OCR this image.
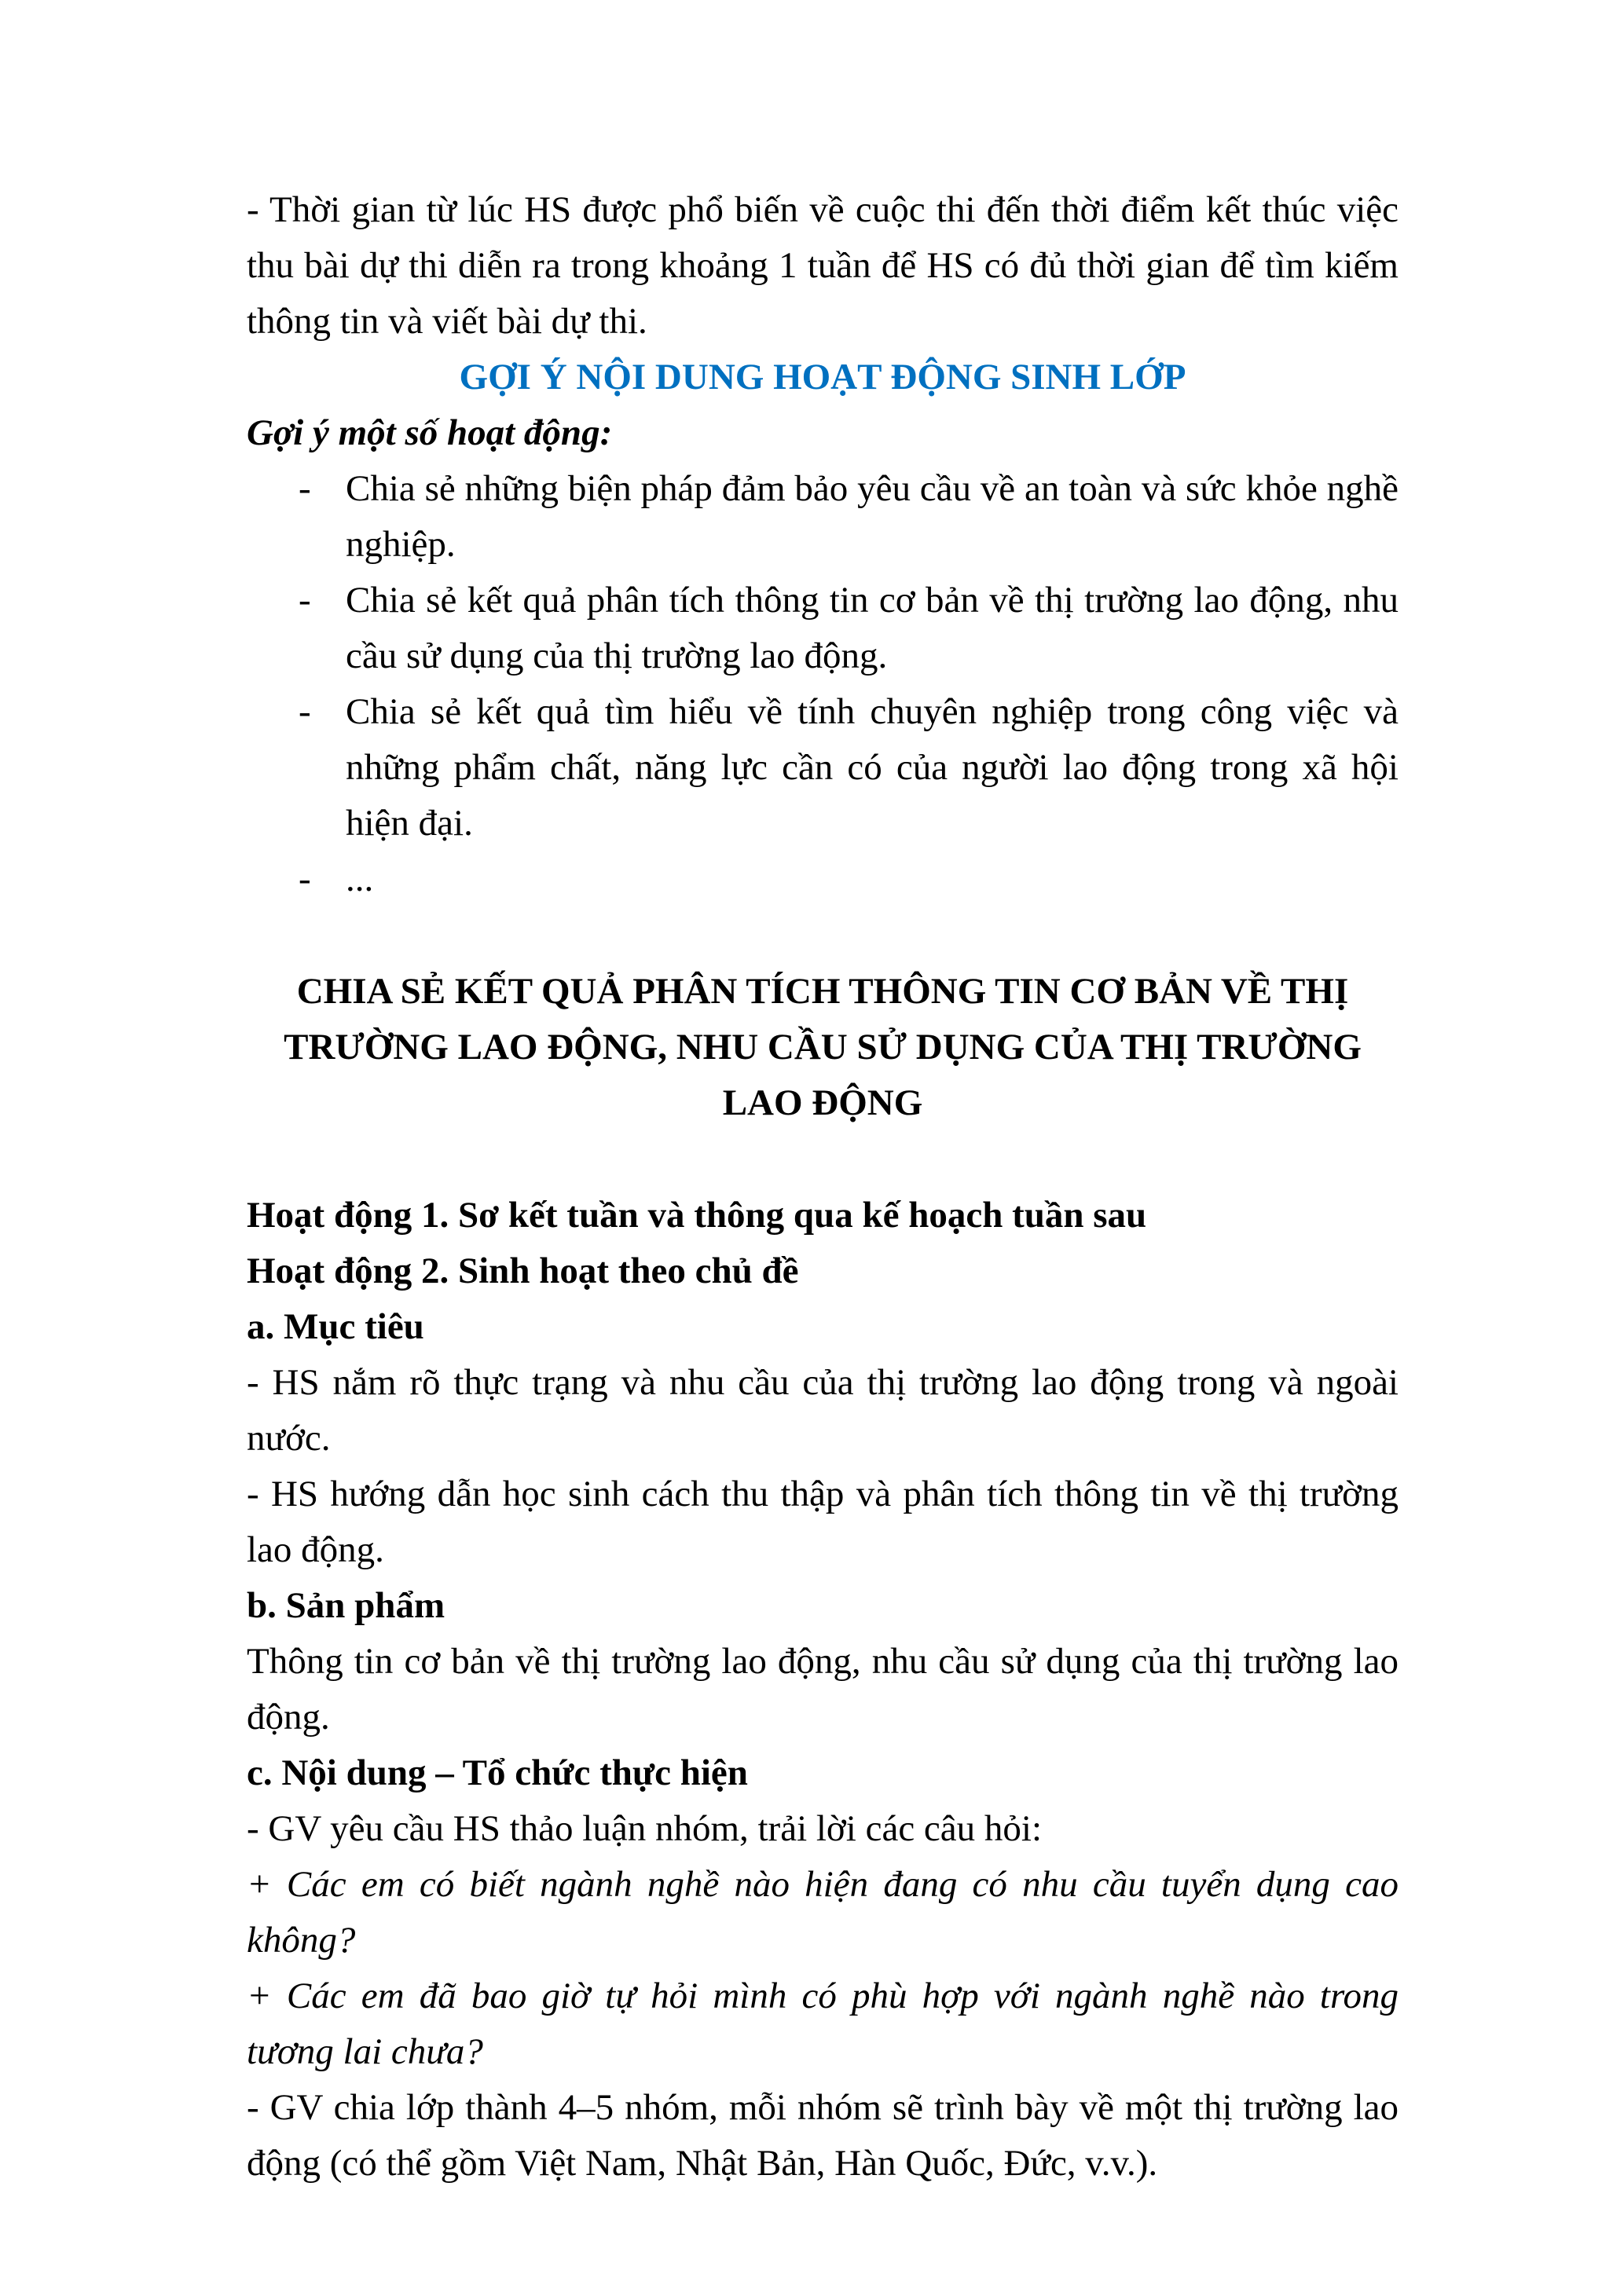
- Thời gian từ lúc HS được phổ biến về cuộc thi đến thời điểm kết thúc việc thu bài dự thi diễn ra trong khoảng 1 tuần để HS có đủ thời gian để tìm kiếm thông tin và viết bài dự thi.

GỢI Ý NỘI DUNG HOẠT ĐỘNG SINH LỚP

Gợi ý một số hoạt động:

- Chia sẻ những biện pháp đảm bảo yêu cầu về an toàn và sức khỏe nghề nghiệp.
- Chia sẻ kết quả phân tích thông tin cơ bản về thị trường lao động, nhu cầu sử dụng của thị trường lao động.
- Chia sẻ kết quả tìm hiểu về tính chuyên nghiệp trong công việc và những phẩm chất, năng lực cần có của người lao động trong xã hội hiện đại.
- ...

CHIA SẺ KẾT QUẢ PHÂN TÍCH THÔNG TIN CƠ BẢN VỀ THỊ TRƯỜNG LAO ĐỘNG, NHU CẦU SỬ DỤNG CỦA THỊ TRƯỜNG LAO ĐỘNG

Hoạt động 1. Sơ kết tuần và thông qua kế hoạch tuần sau

Hoạt động 2. Sinh hoạt theo chủ đề

a. Mục tiêu

- HS nắm rõ thực trạng và nhu cầu của thị trường lao động trong và ngoài nước.

- HS hướng dẫn học sinh cách thu thập và phân tích thông tin về thị trường lao động.

b. Sản phẩm

Thông tin cơ bản về thị trường lao động, nhu cầu sử dụng của thị trường lao động.

c. Nội dung – Tổ chức thực hiện

- GV yêu cầu HS thảo luận nhóm, trải lời các câu hỏi:

+ Các em có biết ngành nghề nào hiện đang có nhu cầu tuyển dụng cao không?

+ Các em đã bao giờ tự hỏi mình có phù hợp với ngành nghề nào trong tương lai chưa?

- GV chia lớp thành 4–5 nhóm, mỗi nhóm sẽ trình bày về một thị trường lao động (có thể gồm Việt Nam, Nhật Bản, Hàn Quốc, Đức, v.v.).
